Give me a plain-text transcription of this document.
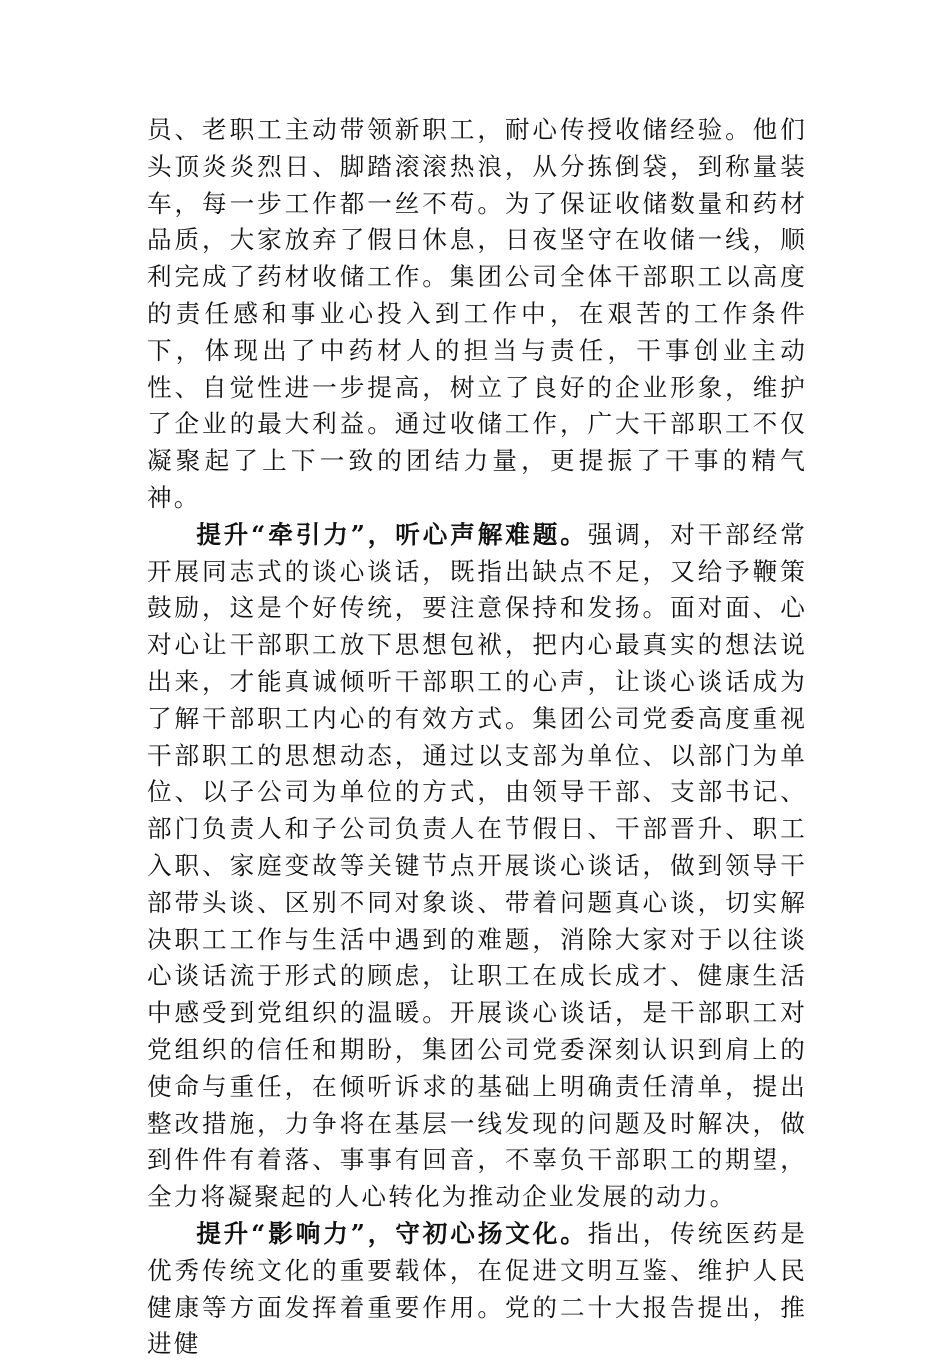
员、老职工主动带领新职工，耐心传授收储经验。他们头顶炎炎烈日、脚踏滚滚热浪，从分拣倒袋，到称量装车，每一步工作都一丝不苟。为了保证收储数量和药材品质，大家放弃了假日休息，日夜坚守在收储一线，顺利完成了药材收储工作。集团公司全体干部职工以高度的责任感和事业心投入到工作中，在艰苦的工作条件下，体现出了中药材人的担当与责任，干事创业主动性、自觉性进一步提高，树立了良好的企业形象，维护了企业的最大利益。通过收储工作，广大干部职工不仅凝聚起了上下一致的团结力量，更提振了干事的精气神。

提升“牵引力”，听心声解难题。强调，对干部经常开展同志式的谈心谈话，既指出缺点不足，又给予鞭策鼓励，这是个好传统，要注意保持和发扬。面对面、心对心让干部职工放下思想包袱，把内心最真实的想法说出来，才能真诚倾听干部职工的心声，让谈心谈话成为了解干部职工内心的有效方式。集团公司党委高度重视干部职工的思想动态，通过以支部为单位、以部门为单位、以子公司为单位的方式，由领导干部、支部书记、部门负责人和子公司负责人在节假日、干部晋升、职工入职、家庭变故等关键节点开展谈心谈话，做到领导干部带头谈、区别不同对象谈、带着问题真心谈，切实解决职工工作与生活中遇到的难题，消除大家对于以往谈心谈话流于形式的顾虑，让职工在成长成才、健康生活中感受到党组织的温暖。开展谈心谈话，是干部职工对党组织的信任和期盼，集团公司党委深刻认识到肩上的使命与重任，在倾听诉求的基础上明确责任清单，提出整改措施，力争将在基层一线发现的问题及时解决，做到件件有着落、事事有回音，不辜负干部职工的期望，全力将凝聚起的人心转化为推动企业发展的动力。

提升“影响力”，守初心扬文化。指出，传统医药是优秀传统文化的重要载体，在促进文明互鉴、维护人民健康等方面发挥着重要作用。党的二十大报告提出，推进健
